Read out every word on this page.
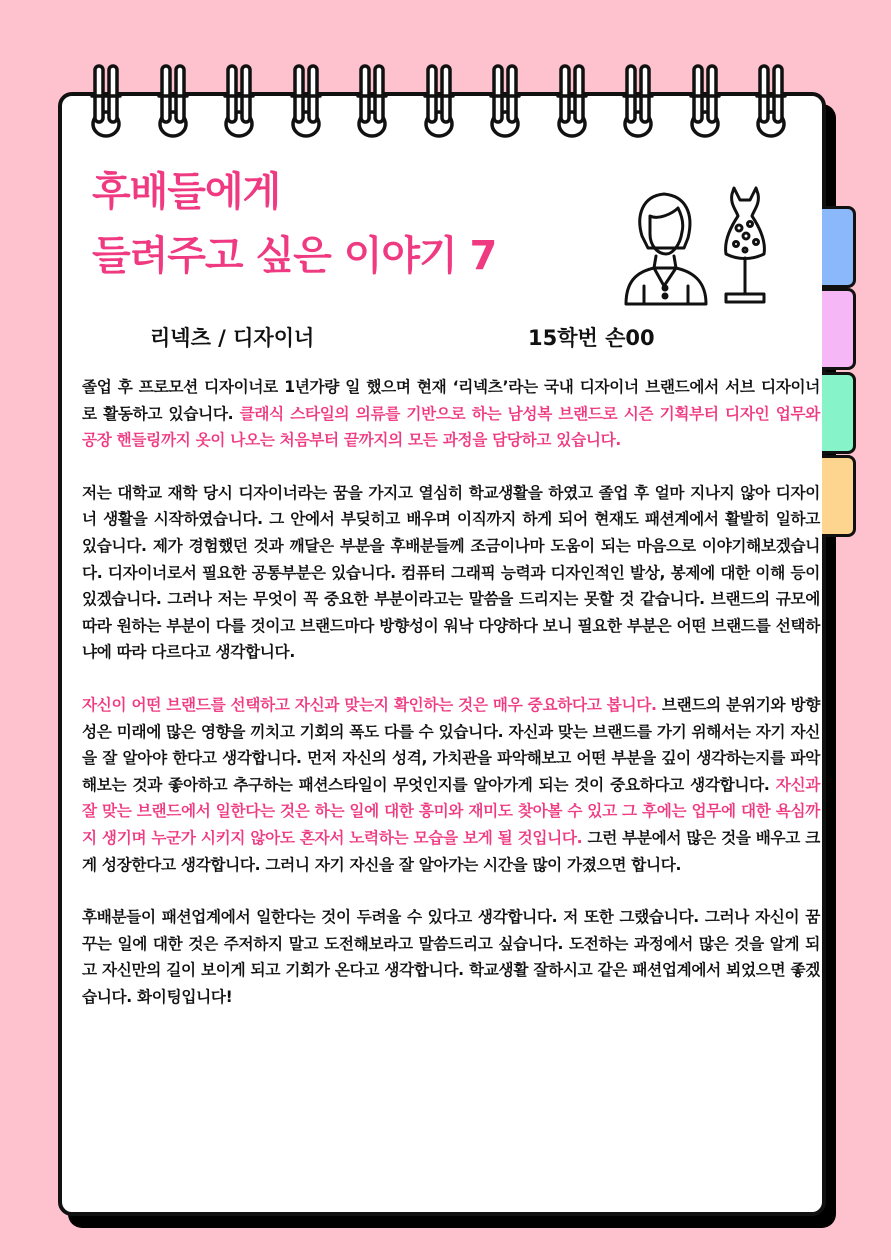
후배들에게
들려주고 싶은 이야기 7
리넥츠 / 디자이너	15학번 손00

졸업 후 프로모션 디자이너로 1년가량 일 했으며 현재 ‘리넥츠’라는 국내 디자이너 브랜드에서 서브 디자이너로 활동하고 있습니다. 클래식 스타일의 의류를 기반으로 하는 남성복 브랜드로 시즌 기획부터 디자인 업무와 공장 핸들링까지 옷이 나오는 처음부터 끝까지의 모든 과정을 담당하고 있습니다.

저는 대학교 재학 당시 디자이너라는 꿈을 가지고 열심히 학교생활을 하였고 졸업 후 얼마 지나지 않아 디자이너 생활을 시작하였습니다. 그 안에서 부딪히고 배우며 이직까지 하게 되어 현재도 패션계에서 활발히 일하고 있습니다. 제가 경험했던 것과 깨달은 부분을 후배분들께 조금이나마 도움이 되는 마음으로 이야기해보겠습니다. 디자이너로서 필요한 공통부분은 있습니다. 컴퓨터 그래픽 능력과 디자인적인 발상, 봉제에 대한 이해 등이 있겠습니다. 그러나 저는 무엇이 꼭 중요한 부분이라고는 말씀을 드리지는 못할 것 같습니다. 브랜드의 규모에 따라 원하는 부분이 다를 것이고 브랜드마다 방향성이 워낙 다양하다 보니 필요한 부분은 어떤 브랜드를 선택하냐에 따라 다르다고 생각합니다.

자신이 어떤 브랜드를 선택하고 자신과 맞는지 확인하는 것은 매우 중요하다고 봅니다. 브랜드의 분위기와 방향성은 미래에 많은 영향을 끼치고 기회의 폭도 다를 수 있습니다. 자신과 맞는 브랜드를 가기 위해서는 자기 자신을 잘 알아야 한다고 생각합니다. 먼저 자신의 성격, 가치관을 파악해보고 어떤 부분을 깊이 생각하는지를 파악해보는 것과 좋아하고 추구하는 패션스타일이 무엇인지를 알아가게 되는 것이 중요하다고 생각합니다. 자신과 잘 맞는 브랜드에서 일한다는 것은 하는 일에 대한 흥미와 재미도 찾아볼 수 있고 그 후에는 업무에 대한 욕심까지 생기며 누군가 시키지 않아도 혼자서 노력하는 모습을 보게 될 것입니다. 그런 부분에서 많은 것을 배우고 크게 성장한다고 생각합니다. 그러니 자기 자신을 잘 알아가는 시간을 많이 가졌으면 합니다.

후배분들이 패션업계에서 일한다는 것이 두려울 수 있다고 생각합니다. 저 또한 그랬습니다. 그러나 자신이 꿈꾸는 일에 대한 것은 주저하지 말고 도전해보라고 말씀드리고 싶습니다. 도전하는 과정에서 많은 것을 알게 되고 자신만의 길이 보이게 되고 기회가 온다고 생각합니다. 학교생활 잘하시고 같은 패션업계에서 뵈었으면 좋겠습니다. 화이팅입니다!
